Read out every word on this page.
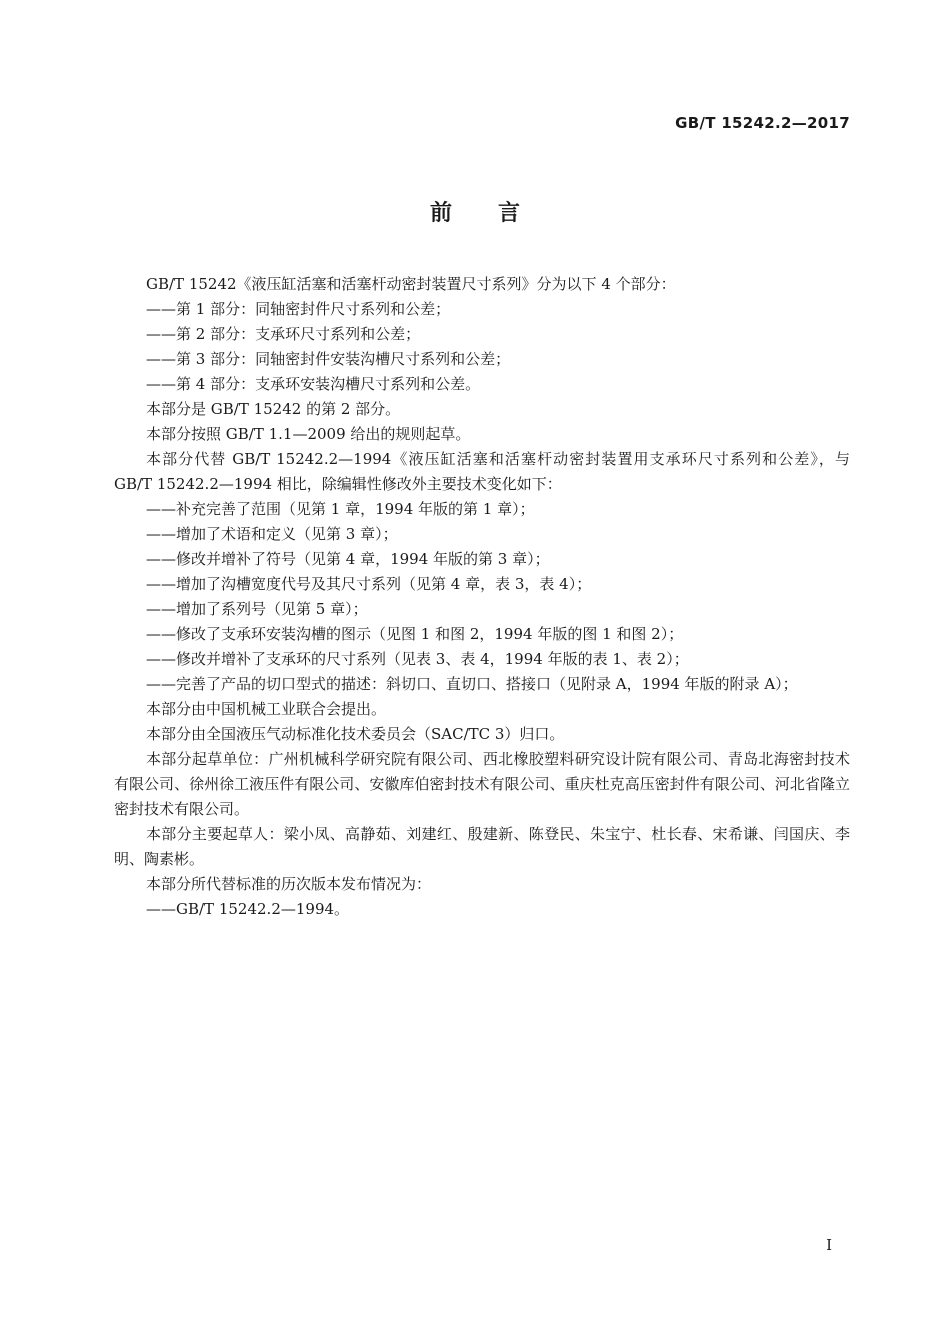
GB/T 15242.2—2017
前言

GB/T 15242《液压缸活塞和活塞杆动密封装置尺寸系列》分为以下 4 个部分：

——第 1 部分：同轴密封件尺寸系列和公差；

——第 2 部分：支承环尺寸系列和公差；

——第 3 部分：同轴密封件安装沟槽尺寸系列和公差；

——第 4 部分：支承环安装沟槽尺寸系列和公差。

本部分是 GB/T 15242 的第 2 部分。

本部分按照 GB/T 1.1—2009 给出的规则起草。

本部分代替 GB/T 15242.2—1994《液压缸活塞和活塞杆动密封装置用支承环尺寸系列和公差》，与 GB/T 15242.2—1994 相比，除编辑性修改外主要技术变化如下：

——补充完善了范围（见第 1 章，1994 年版的第 1 章）；

——增加了术语和定义（见第 3 章）；

——修改并增补了符号（见第 4 章，1994 年版的第 3 章）；

——增加了沟槽宽度代号及其尺寸系列（见第 4 章，表 3，表 4）；

——增加了系列号（见第 5 章）；

——修改了支承环安装沟槽的图示（见图 1 和图 2，1994 年版的图 1 和图 2）；

——修改并增补了支承环的尺寸系列（见表 3、表 4，1994 年版的表 1、表 2）；

——完善了产品的切口型式的描述：斜切口、直切口、搭接口（见附录 A，1994 年版的附录 A）；

本部分由中国机械工业联合会提出。

本部分由全国液压气动标准化技术委员会（SAC/TC 3）归口。

本部分起草单位：广州机械科学研究院有限公司、西北橡胶塑料研究设计院有限公司、青岛北海密封技术有限公司、徐州徐工液压件有限公司、安徽库伯密封技术有限公司、重庆杜克高压密封件有限公司、河北省隆立密封技术有限公司。

本部分主要起草人：梁小凤、高静茹、刘建红、殷建新、陈登民、朱宝宁、杜长春、宋希谦、闫国庆、李明、陶素彬。

本部分所代替标准的历次版本发布情况为：

——GB/T 15242.2—1994。

I
